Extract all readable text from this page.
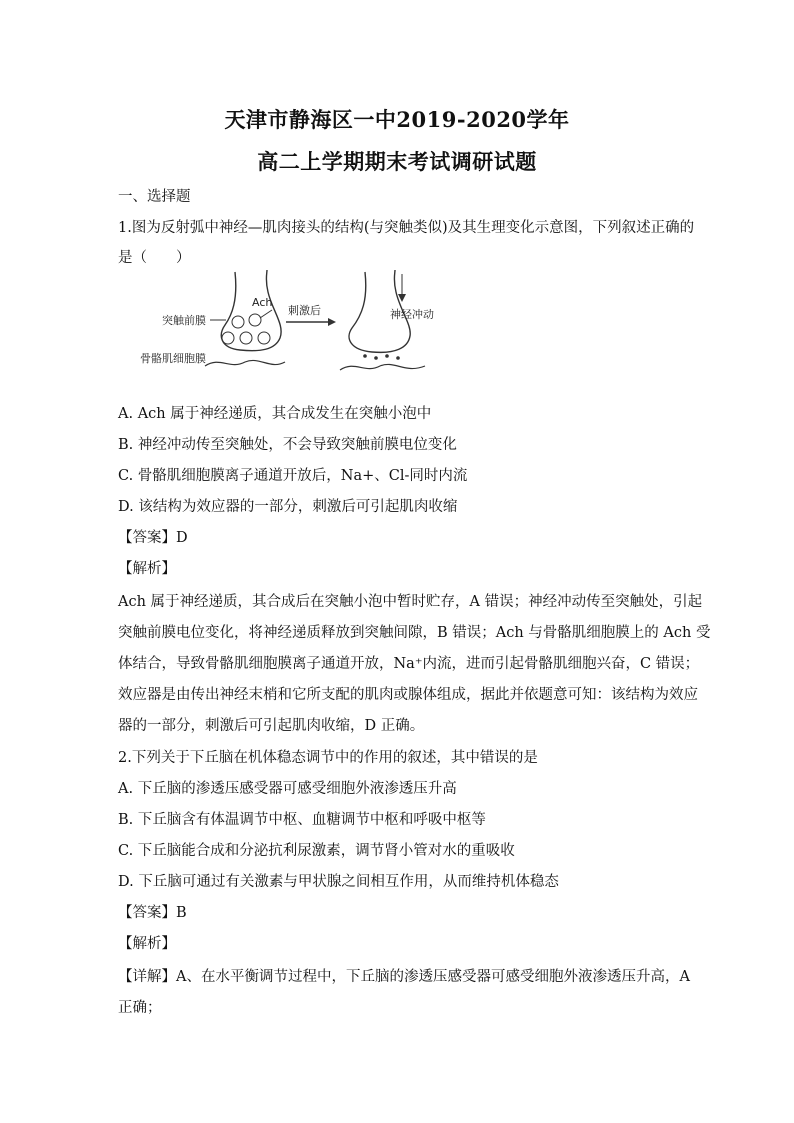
天津市静海区一中2019-2020学年
高二上学期期末考试调研试题
一、选择题
1.图为反射弧中神经—肌肉接头的结构(与突触类似)及其生理变化示意图，下列叙述正确的
是（　　）
Ach
突触前膜
骨骼肌细胞膜
刺激后	神经冲动
A. Ach 属于神经递质，其合成发生在突触小泡中
B. 神经冲动传至突触处，不会导致突触前膜电位变化
C. 骨骼肌细胞膜离子通道开放后，Na+、Cl-同时内流
D. 该结构为效应器的一部分，刺激后可引起肌肉收缩
【答案】D
【解析】
Ach 属于神经递质，其合成后在突触小泡中暂时贮存，A 错误；神经冲动传至突触处，引起
突触前膜电位变化，将神经递质释放到突触间隙，B 错误；Ach 与骨骼肌细胞膜上的 Ach 受
体结合，导致骨骼肌细胞膜离子通道开放，Na⁺内流，进而引起骨骼肌细胞兴奋，C 错误；
效应器是由传出神经末梢和它所支配的肌肉或腺体组成，据此并依题意可知：该结构为效应
器的一部分，刺激后可引起肌肉收缩，D 正确。
2.下列关于下丘脑在机体稳态调节中的作用的叙述，其中错误的是
A. 下丘脑的渗透压感受器可感受细胞外液渗透压升高
B. 下丘脑含有体温调节中枢、血糖调节中枢和呼吸中枢等
C. 下丘脑能合成和分泌抗利尿激素，调节肾小管对水的重吸收
D. 下丘脑可通过有关激素与甲状腺之间相互作用，从而维持机体稳态
【答案】B
【解析】
【详解】A、在水平衡调节过程中，下丘脑的渗透压感受器可感受细胞外液渗透压升高，A
正确；
